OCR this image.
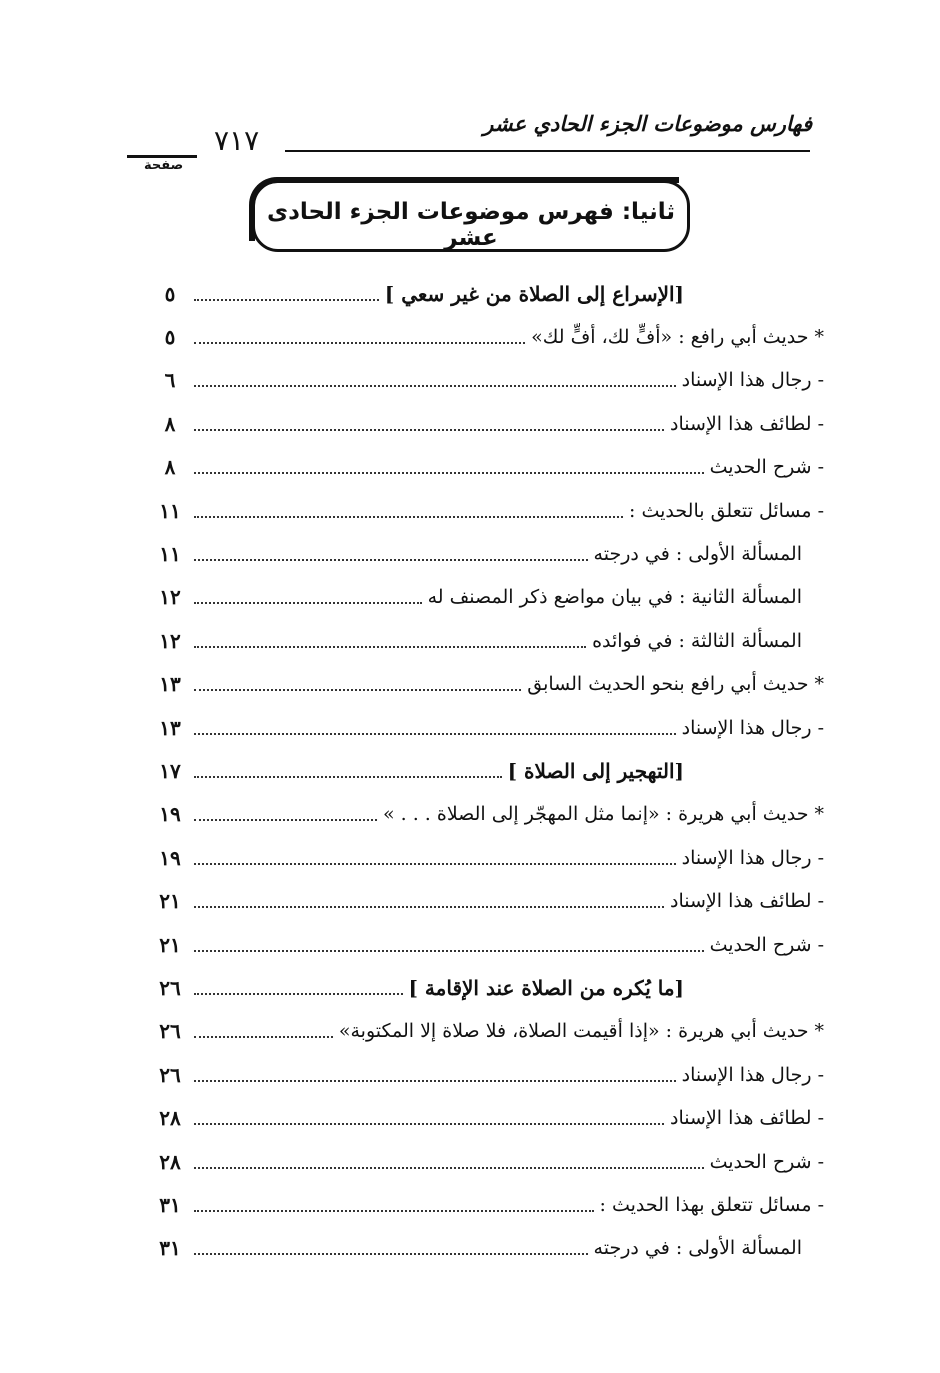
فهارس موضوعات الجزء الحادي عشر
٧١٧
صفحة
ثانيا: فهرس موضوعات الجزء الحادى عشر
[الإسراع إلى الصلاة من غير سعي ]
٥
* حديث أبي رافع : «أفٍّ لك، أفٍّ لك»
٥
- رجال هذا الإسناد
٦
- لطائف هذا الإسناد
٨
- شرح الحديث
٨
- مسائل تتعلق بالحديث :
١١
المسألة الأولى : في درجته
١١
المسألة الثانية : في بيان مواضع ذكر المصنف له
١٢
المسألة الثالثة : في فوائده
١٢
* حديث أبي رافع بنحو الحديث السابق
١٣
- رجال هذا الإسناد
١٣
[التهجير إلى الصلاة ]
١٧
* حديث أبي هريرة : «إنما مثل المهجّر إلى الصلاة . . . »
١٩
- رجال هذا الإسناد
١٩
- لطائف هذا الإسناد
٢١
- شرح الحديث
٢١
[ما يُكره من الصلاة عند الإقامة ]
٢٦
* حديث أبي هريرة : «إذا أقيمت الصلاة، فلا صلاة إلا المكتوبة»
٢٦
- رجال هذا الإسناد
٢٦
- لطائف هذا الإسناد
٢٨
- شرح الحديث
٢٨
- مسائل تتعلق بهذا الحديث :
٣١
المسألة الأولى : في درجته
٣١
